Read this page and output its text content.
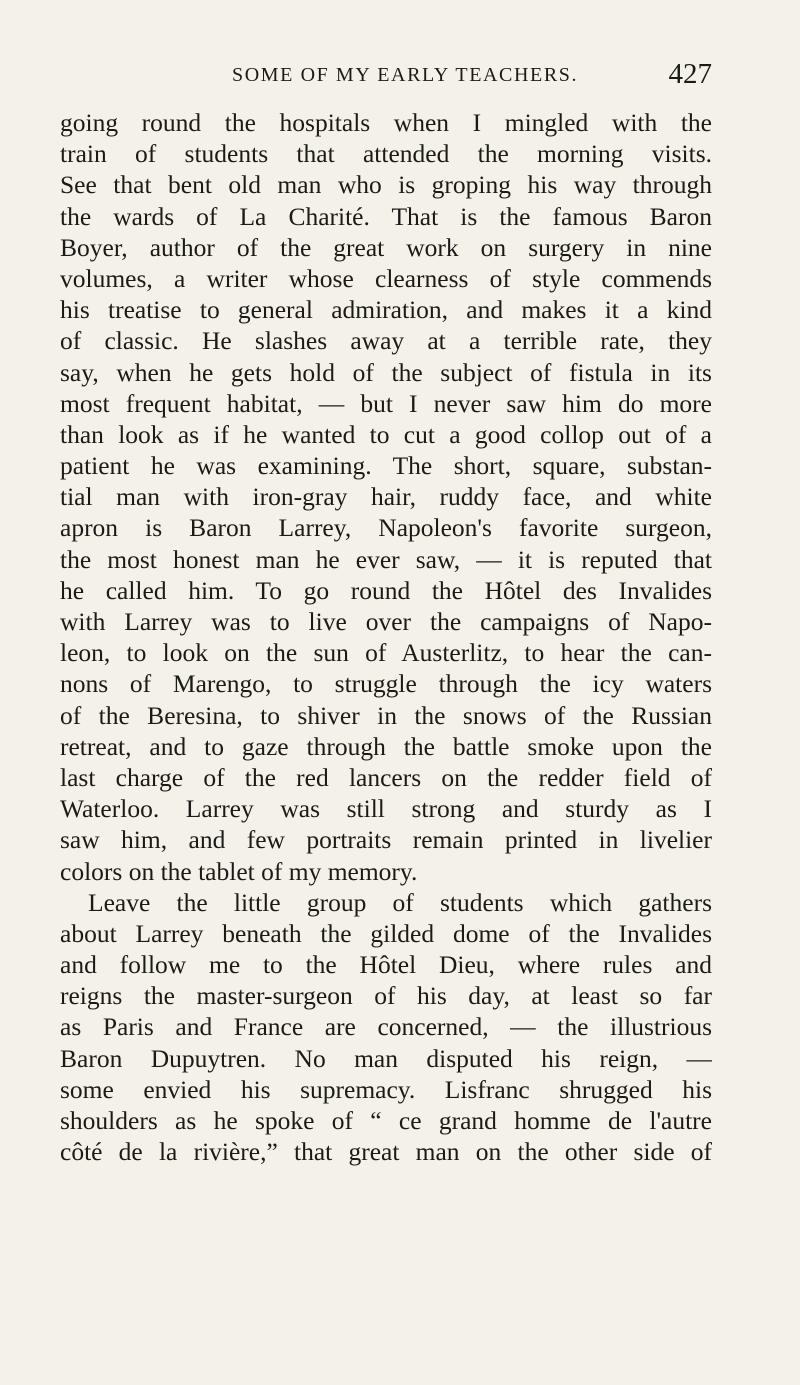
SOME OF MY EARLY TEACHERS.	427
going round the hospitals when I mingled with the
train of students that attended the morning visits.
See that bent old man who is groping his way through
the wards of La Charité. That is the famous Baron
Boyer, author of the great work on surgery in nine
volumes, a writer whose clearness of style commends
his treatise to general admiration, and makes it a kind
of classic. He slashes away at a terrible rate, they
say, when he gets hold of the subject of fistula in its
most frequent habitat, — but I never saw him do more
than look as if he wanted to cut a good collop out of a
patient he was examining. The short, square, substan-
tial man with iron-gray hair, ruddy face, and white
apron is Baron Larrey, Napoleon's favorite surgeon,
the most honest man he ever saw, — it is reputed that
he called him. To go round the Hôtel des Invalides
with Larrey was to live over the campaigns of Napo-
leon, to look on the sun of Austerlitz, to hear the can-
nons of Marengo, to struggle through the icy waters
of the Beresina, to shiver in the snows of the Russian
retreat, and to gaze through the battle smoke upon the
last charge of the red lancers on the redder field of
Waterloo. Larrey was still strong and sturdy as I
saw him, and few portraits remain printed in livelier
colors on the tablet of my memory.
Leave the little group of students which gathers
about Larrey beneath the gilded dome of the Invalides
and follow me to the Hôtel Dieu, where rules and
reigns the master-surgeon of his day, at least so far
as Paris and France are concerned, — the illustrious
Baron Dupuytren. No man disputed his reign, —
some envied his supremacy. Lisfranc shrugged his
shoulders as he spoke of “ ce grand homme de l'autre
côté de la rivière,” that great man on the other side of
